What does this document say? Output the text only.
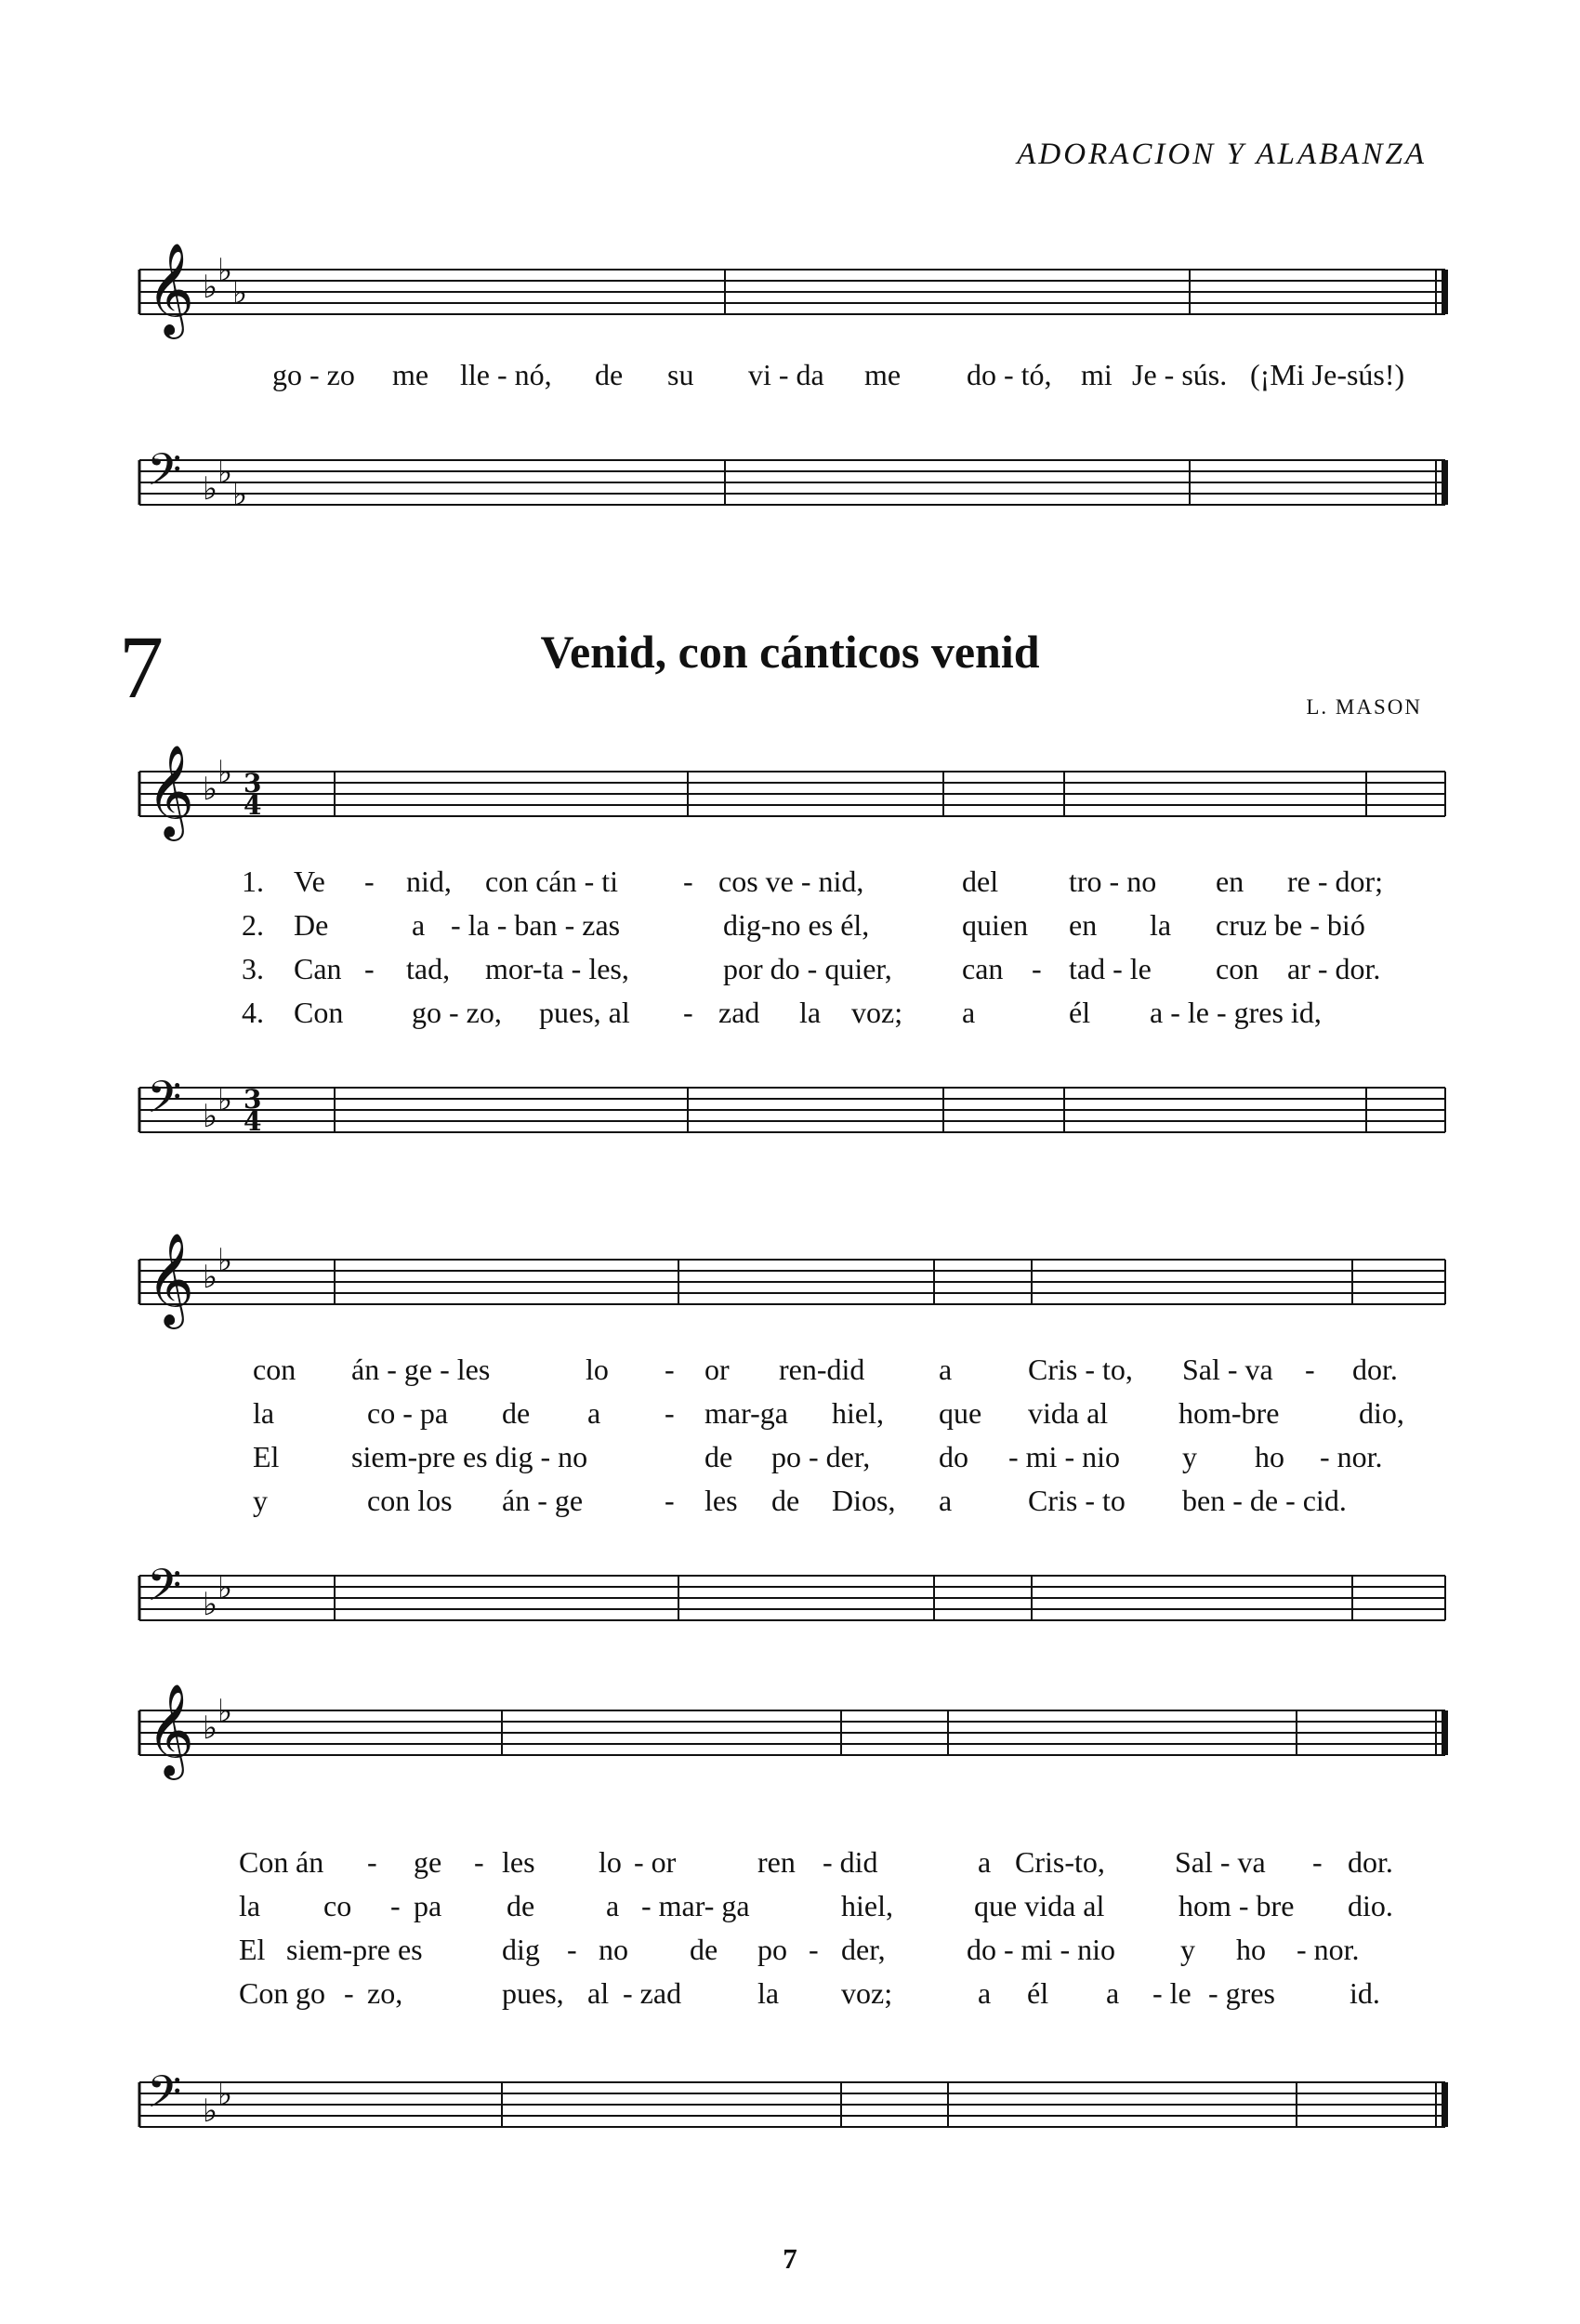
ADORACION Y ALABANZA
7	Venid, con cánticos venid
L. MASON
7
𝄞 ♭ ♭
♭
go - zo me lle - nó, de su vi - da me do - tó, mi Je - sús. (¡Mi Je-sús!)
𝄢 ♭ ♭
♭
𝄞 ♭ ♭ 3
4
1. Ve - nid, con cán - ti - cos ve - nid,	del tro - no en re - dor;
2. De	a - la - ban - zas	dig-no es él,	quien en la cruz be - bió
3. Can - tad, mor-ta - les,	por do - quier, can - tad - le con ar - dor.
4. Con go - zo, pues, al - zad la voz; a	él a - le - gres id,
𝄢 ♭ ♭ 3
4
𝄞 ♭ ♭
con án - ge - les	lo - or ren-did a	Cris - to, Sal - va - dor.
la	co - pa de a - mar-ga hiel, que vida al hom-bre	dio,
El siem-pre es dig - no	de po - der, do - mi - nio y ho - nor.
y	con los án - ge	- les de Dios, a	Cris - to ben - de - cid.
𝄢 ♭ ♭
𝄞 ♭ ♭
Con án - ge - les lo - or	ren - did	a Cris-to, Sal - va - dor.
la co - pa de a - mar- ga	hiel,	que vida al hom - bre dio.
El siem-pre es	dig - no de po - der,	do - mi - nio y ho - nor.
Con go - zo,	pues, al - zad	la voz;	a él a - le - gres	id.
𝄢 ♭ ♭
